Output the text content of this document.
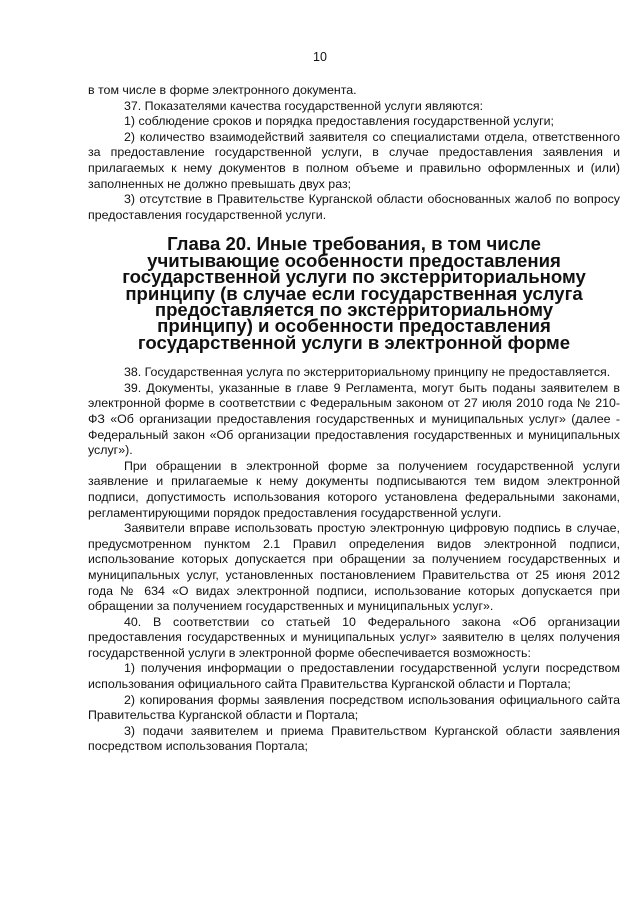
10

в том числе в форме электронного документа.

37. Показателями качества государственной услуги являются:

1) соблюдение сроков и порядка предоставления государственной услуги;

2) количество взаимодействий заявителя со специалистами отдела, ответственного за предоставление государственной услуги, в случае предоставления заявления и прилагаемых к нему документов в полном объеме и правильно оформленных и (или) заполненных не должно превышать двух раз;

3) отсутствие в Правительстве Курганской области обоснованных жалоб по вопросу предоставления государственной услуги.

Глава 20. Иные требования, в том числе учитывающие особенности предоставления государственной услуги по экстерриториальному принципу (в случае если государственная услуга предоставляется по экстерриториальному принципу) и особенности предоставления государственной услуги в электронной форме

38. Государственная услуга по экстерриториальному принципу не предоставляется.

39. Документы, указанные в главе 9 Регламента, могут быть поданы заявителем в электронной форме в соответствии с Федеральным законом от 27 июля 2010 года № 210-ФЗ «Об организации предоставления государственных и муниципальных услуг» (далее - Федеральный закон «Об организации предоставления государственных и муниципальных услуг»).

При обращении в электронной форме за получением государственной услуги заявление и прилагаемые к нему документы подписываются тем видом электронной подписи, допустимость использования которого установлена федеральными законами, регламентирующими порядок предоставления государственной услуги.

Заявители вправе использовать простую электронную цифровую подпись в случае, предусмотренном пунктом 2.1 Правил определения видов электронной подписи, использование которых допускается при обращении за получением государственных и муниципальных услуг, установленных постановлением Правительства от 25 июня 2012 года № 634 «О видах электронной подписи, использование которых допускается при обращении за получением государственных и муниципальных услуг».

40. В соответствии со статьей 10 Федерального закона «Об организации предоставления государственных и муниципальных услуг» заявителю в целях получения государственной услуги в электронной форме обеспечивается возможность:

1) получения информации о предоставлении государственной услуги посредством использования официального сайта Правительства Курганской области и Портала;

2) копирования формы заявления посредством использования официального сайта Правительства Курганской области и Портала;

3) подачи заявителем и приема Правительством Курганской области заявления посредством использования Портала;
